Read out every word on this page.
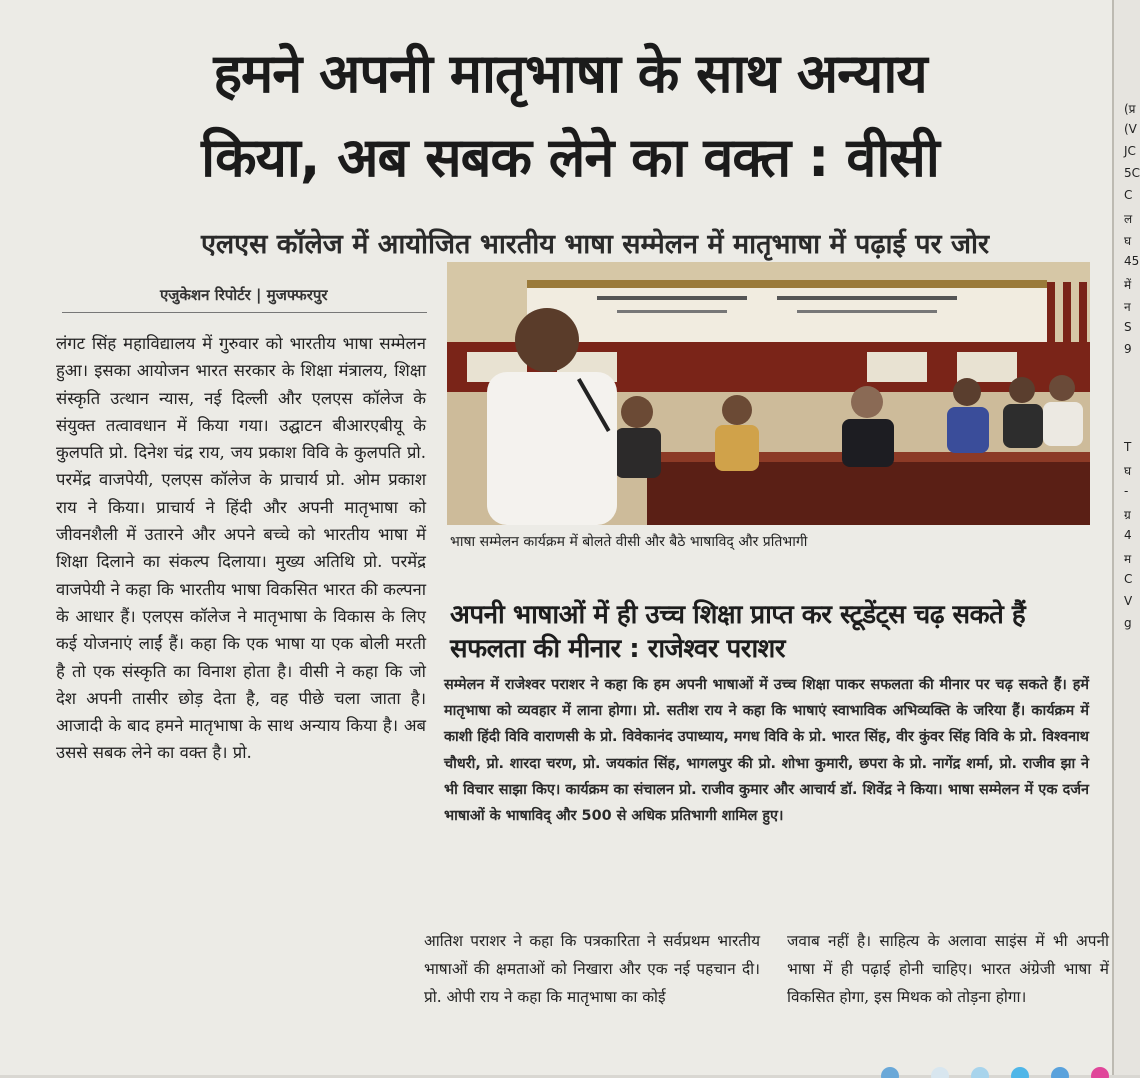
हमने अपनी मातृभाषा के साथ अन्याय
किया, अब सबक लेने का वक्त : वीसी
एलएस कॉलेज में आयोजित भारतीय भाषा सम्मेलन में मातृभाषा में पढ़ाई पर जोर
एजुकेशन रिपोर्टर | मुजफ्फरपुर

लंगट सिंह महाविद्यालय में गुरुवार को भारतीय भाषा सम्मेलन हुआ। इसका आयोजन भारत सरकार के शिक्षा मंत्रालय, शिक्षा संस्कृति उत्थान न्यास, नई दिल्ली और एलएस कॉलेज के संयुक्त तत्वावधान में किया गया। उद्घाटन बीआरएबीयू के कुलपति प्रो. दिनेश चंद्र राय, जय प्रकाश विवि के कुलपति प्रो. परमेंद्र वाजपेयी, एलएस कॉलेज के प्राचार्य प्रो. ओम प्रकाश राय ने किया। प्राचार्य ने हिंदी और अपनी मातृभाषा को जीवनशैली में उतारने और अपने बच्चे को भारतीय भाषा में शिक्षा दिलाने का संकल्प दिलाया। मुख्य अतिथि प्रो. परमेंद्र वाजपेयी ने कहा कि भारतीय भाषा विकसित भारत की कल्पना के आधार हैं। एलएस कॉलेज ने मातृभाषा के विकास के लिए कई योजनाएं लाईं हैं। कहा कि एक भाषा या एक बोली मरती है तो एक संस्कृति का विनाश होता है। वीसी ने कहा कि जो देश अपनी तासीर छोड़ देता है, वह पीछे चला जाता है। आजादी के बाद हमने मातृभाषा के साथ अन्याय किया है। अब उससे सबक लेने का वक्त है। प्रो.

भाषा सम्मेलन कार्यक्रम में बोलते वीसी और बैठे भाषाविद् और प्रतिभागी
अपनी भाषाओं में ही उच्च शिक्षा प्राप्त कर स्टूडेंट्स चढ़ सकते हैं सफलता की मीनार : राजेश्वर पराशर

सम्मेलन में राजेश्वर पराशर ने कहा कि हम अपनी भाषाओं में उच्च शिक्षा पाकर सफलता की मीनार पर चढ़ सकते हैं। हमें मातृभाषा को व्यवहार में लाना होगा। प्रो. सतीश राय ने कहा कि भाषाएं स्वाभाविक अभिव्यक्ति के जरिया हैं। कार्यक्रम में काशी हिंदी विवि वाराणसी के प्रो. विवेकानंद उपाध्याय, मगध विवि के प्रो. भारत सिंह, वीर कुंवर सिंह विवि के प्रो. विश्वनाथ चौधरी, प्रो. शारदा चरण, प्रो. जयकांत सिंह, भागलपुर की प्रो. शोभा कुमारी, छपरा के प्रो. नागेंद्र शर्मा, प्रो. राजीव झा ने भी विचार साझा किए। कार्यक्रम का संचालन प्रो. राजीव कुमार और आचार्य डॉ. शिवेंद्र ने किया। भाषा सम्मेलन में एक दर्जन भाषाओं के भाषाविद् और 500 से अधिक प्रतिभागी शामिल हुए।

आतिश पराशर ने कहा कि पत्रकारिता ने सर्वप्रथम भारतीय भाषाओं की क्षमताओं को निखारा और एक नई पहचान दी। प्रो. ओपी राय ने कहा कि मातृभाषा का कोई

जवाब नहीं है। साहित्य के अलावा साइंस में भी अपनी भाषा में ही पढ़ाई होनी चाहिए। भारत अंग्रेजी भाषा में विकसित होगा, इस मिथक को तोड़ना होगा।

(प्र
(V
JC
5C
C
ल
घ
45
में
न
S
9
T
घ
-
ग्र
4
म
C
V
g
